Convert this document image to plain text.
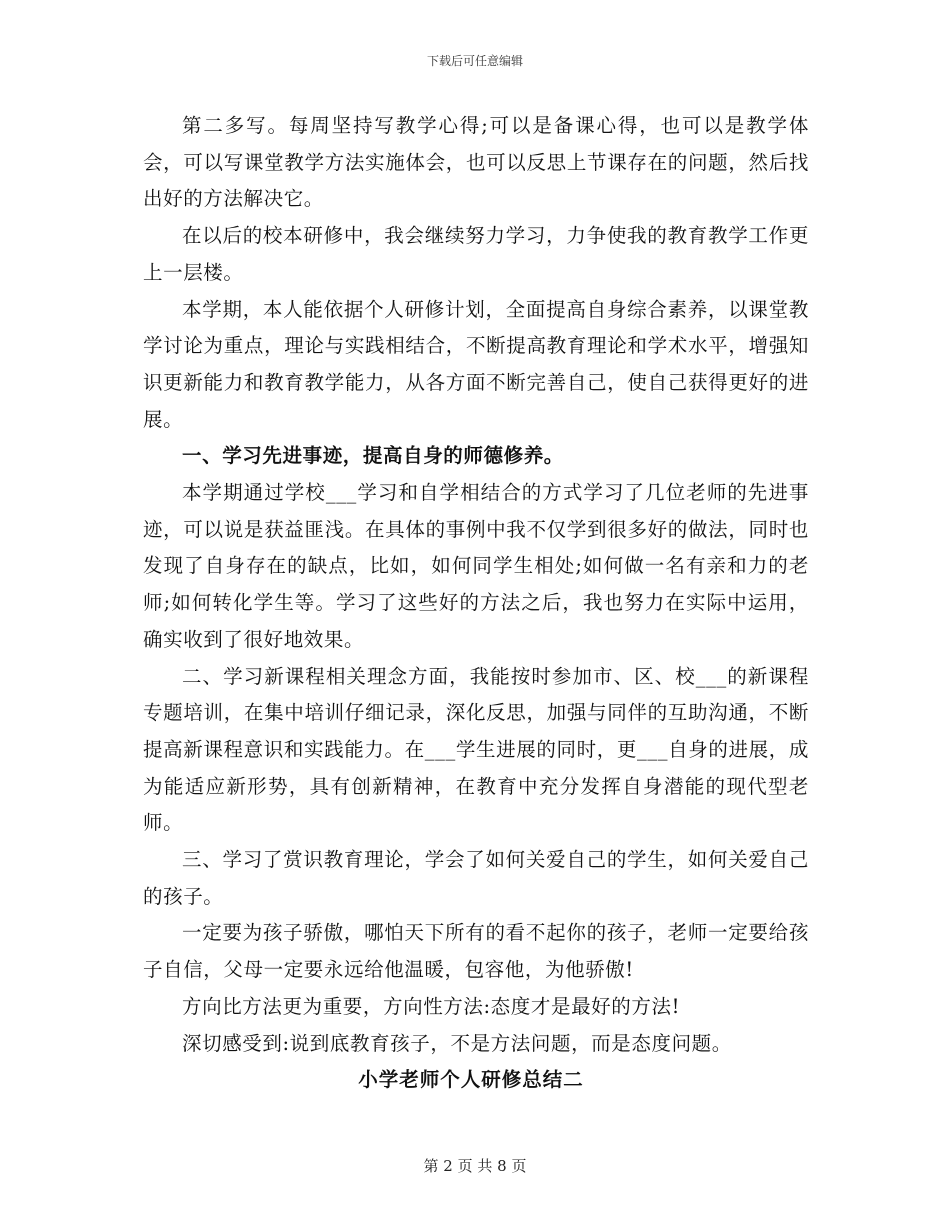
下载后可任意编辑

第二多写。每周坚持写教学心得;可以是备课心得，也可以是教学体会，可以写课堂教学方法实施体会，也可以反思上节课存在的问题，然后找出好的方法解决它。

在以后的校本研修中，我会继续努力学习，力争使我的教育教学工作更上一层楼。

本学期，本人能依据个人研修计划，全面提高自身综合素养，以课堂教学讨论为重点，理论与实践相结合，不断提高教育理论和学术水平，增强知识更新能力和教育教学能力，从各方面不断完善自己，使自己获得更好的进展。

一、学习先进事迹，提高自身的师德修养。

本学期通过学校___学习和自学相结合的方式学习了几位老师的先进事迹，可以说是获益匪浅。在具体的事例中我不仅学到很多好的做法，同时也发现了自身存在的缺点，比如，如何同学生相处;如何做一名有亲和力的老师;如何转化学生等。学习了这些好的方法之后，我也努力在实际中运用，确实收到了很好地效果。

二、学习新课程相关理念方面，我能按时参加市、区、校___的新课程专题培训，在集中培训仔细记录，深化反思，加强与同伴的互助沟通，不断提高新课程意识和实践能力。在___学生进展的同时，更___自身的进展，成为能适应新形势，具有创新精神，在教育中充分发挥自身潜能的现代型老师。

三、学习了赏识教育理论，学会了如何关爱自己的学生，如何关爱自己的孩子。

一定要为孩子骄傲，哪怕天下所有的看不起你的孩子，老师一定要给孩子自信，父母一定要永远给他温暖，包容他，为他骄傲!

方向比方法更为重要，方向性方法:态度才是最好的方法!

深切感受到:说到底教育孩子，不是方法问题，而是态度问题。

小学老师个人研修总结二

第 2 页 共 8 页
